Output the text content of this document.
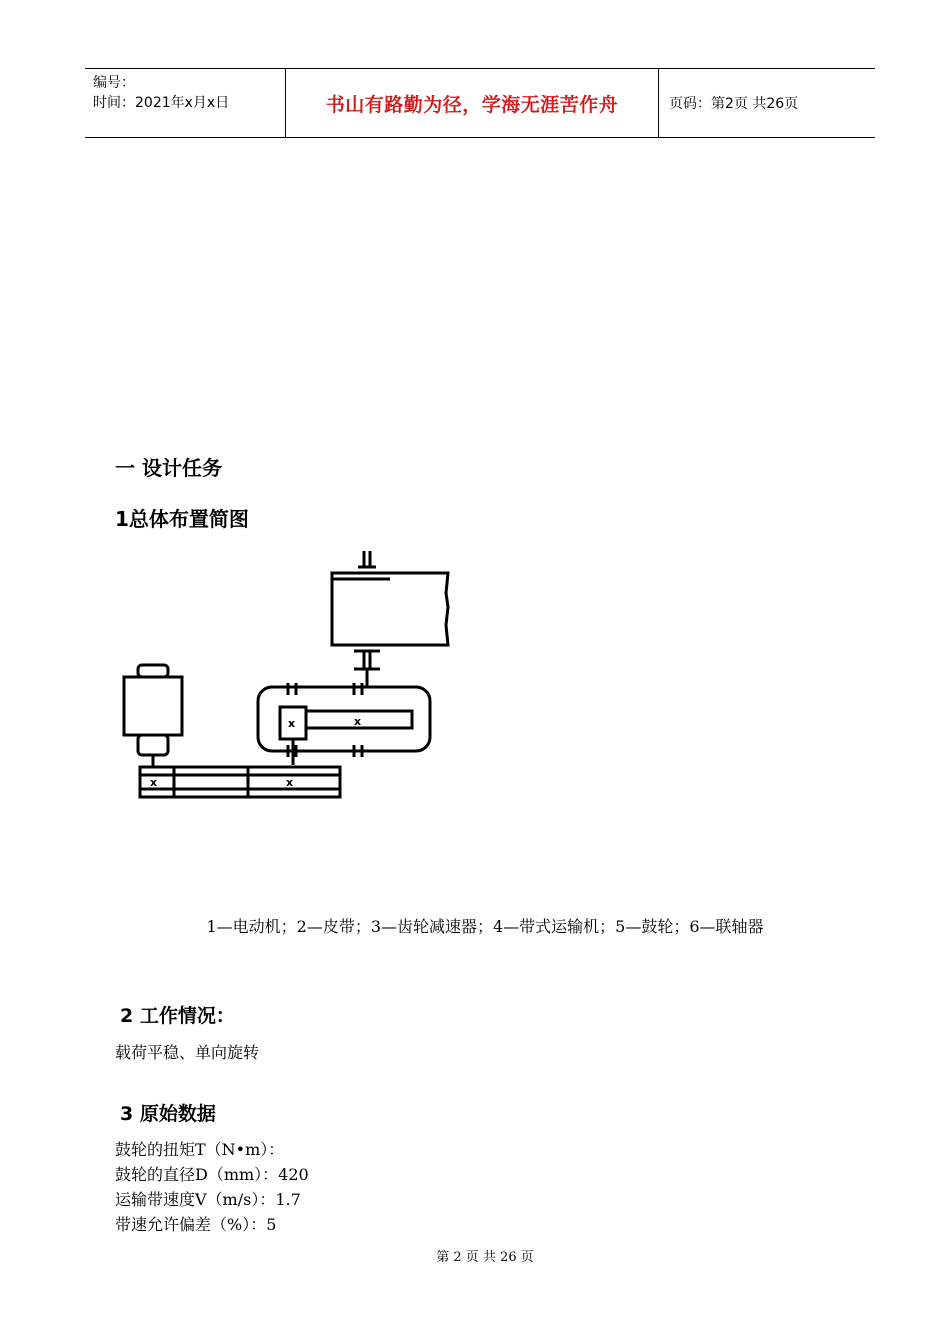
编号：
时间：2021年x月x日	书山有路勤为径，学海无涯苦作舟	页码：第2页 共26页
一 设计任务
1总体布置简图
x	x
x	x
1—电动机；2—皮带；3—齿轮减速器；4—带式运输机；5—鼓轮；6—联轴器
2 工作情况：
载荷平稳、单向旋转
3 原始数据
鼓轮的扭矩T（N•m）：
鼓轮的直径D（mm）：420
运输带速度V（m/s）：1.7
带速允许偏差（%）：5
第 2 页 共 26 页
